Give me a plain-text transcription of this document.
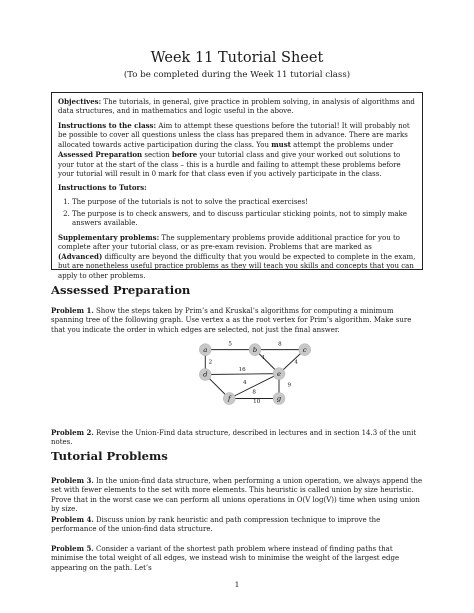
Week 11 Tutorial Sheet
(To be completed during the Week 11 tutorial class)

Objectives: The tutorials, in general, give practice in problem solving, in analysis of algorithms and data structures, and in mathematics and logic useful in the above.

Instructions to the class: Aim to attempt these questions before the tutorial! It will probably not be possible to cover all questions unless the class has prepared them in advance. There are marks allocated towards active participation during the class. You must attempt the problems under Assessed Preparation section before your tutorial class and give your worked out solutions to your tutor at the start of the class – this is a hurdle and failing to attempt these problems before your tutorial will result in 0 mark for that class even if you actively participate in the class.

Instructions to Tutors:

1. The purpose of the tutorials is not to solve the practical exercises!
2. The purpose is to check answers, and to discuss particular sticking points, not to simply make answers available.

Supplementary problems: The supplementary problems provide additional practice for you to complete after your tutorial class, or as pre-exam revision. Problems that are marked as (Advanced) difficulty are beyond the difficulty that you would be expected to complete in the exam, but are nonetheless useful practice problems as they will teach you skills and concepts that you can apply to other problems.

Assessed Preparation
Problem 1. Show the steps taken by Prim’s and Kruskal’s algorithms for computing a minimum spanning tree of the following graph. Use vertex a as the root vertex for Prim’s algorithm. Make sure that you indicate the order in which edges are selected, not just the final answer.
5	8
1
4
2
16
4	9
8
10
a	b	c
d	e
f	g
Problem 2. Revise the Union-Find data structure, described in lectures and in section 14.3 of the unit notes.
Tutorial Problems
Problem 3. In the union-find data structure, when performing a union operation, we always append the set with fewer elements to the set with more elements. This heuristic is called union by size heuristic. Prove that in the worst case we can perform all unions operations in O(V log(V)) time when using union by size.
Problem 4. Discuss union by rank heuristic and path compression technique to improve the performance of the union-find data structure.
Problem 5. Consider a variant of the shortest path problem where instead of finding paths that minimise the total weight of all edges, we instead wish to minimise the weight of the largest edge appearing on the path. Let’s
1
